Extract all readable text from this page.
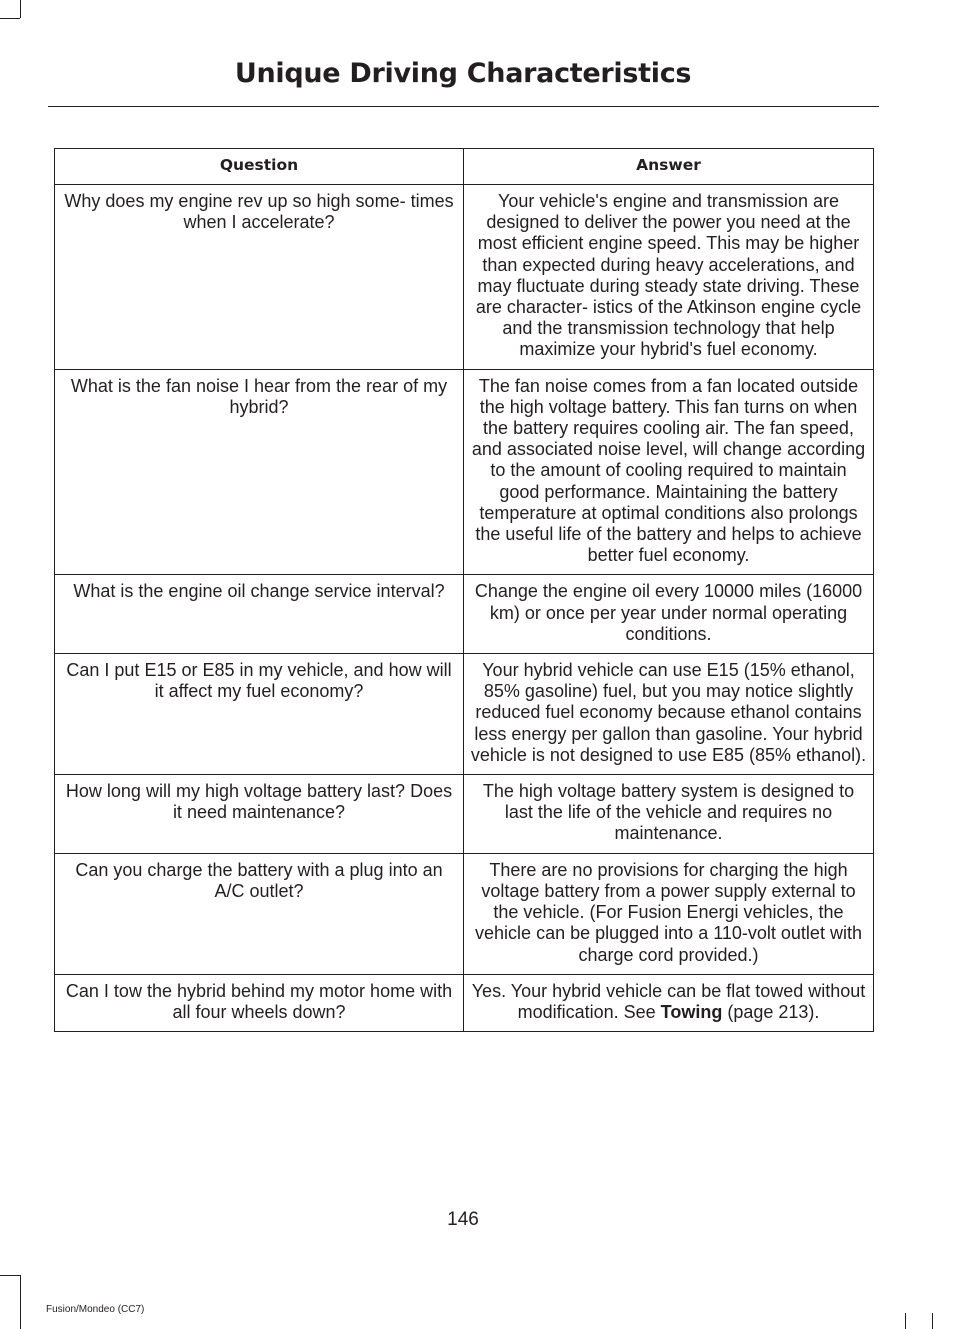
Unique Driving Characteristics
Question	Answer
Why does my engine rev up so high some- times when I accelerate?	Your vehicle's engine and transmission are designed to deliver the power you need at the most efficient engine speed. This may be higher than expected during heavy accelerations, and may fluctuate during steady state driving. These are character- istics of the Atkinson engine cycle and the transmission technology that help maximize your hybrid's fuel economy.
What is the fan noise I hear from the rear of my hybrid?	The fan noise comes from a fan located outside the high voltage battery. This fan turns on when the battery requires cooling air. The fan speed, and associated noise level, will change according to the amount of cooling required to maintain good performance. Maintaining the battery temperature at optimal conditions also prolongs the useful life of the battery and helps to achieve better fuel economy.
What is the engine oil change service interval?	Change the engine oil every 10000 miles (16000 km) or once per year under normal operating conditions.
Can I put E15 or E85 in my vehicle, and how will it affect my fuel economy?	Your hybrid vehicle can use E15 (15% ethanol, 85% gasoline) fuel, but you may notice slightly reduced fuel economy because ethanol contains less energy per gallon than gasoline. Your hybrid vehicle is not designed to use E85 (85% ethanol).
How long will my high voltage battery last? Does it need maintenance?	The high voltage battery system is designed to last the life of the vehicle and requires no maintenance.
Can you charge the battery with a plug into an A/C outlet?	There are no provisions for charging the high voltage battery from a power supply external to the vehicle. (For Fusion Energi vehicles, the vehicle can be plugged into a 110-volt outlet with charge cord provided.)
Can I tow the hybrid behind my motor home with all four wheels down?	Yes. Your hybrid vehicle can be flat towed without modification. See Towing (page 213).
146
Fusion/Mondeo (CC7)
